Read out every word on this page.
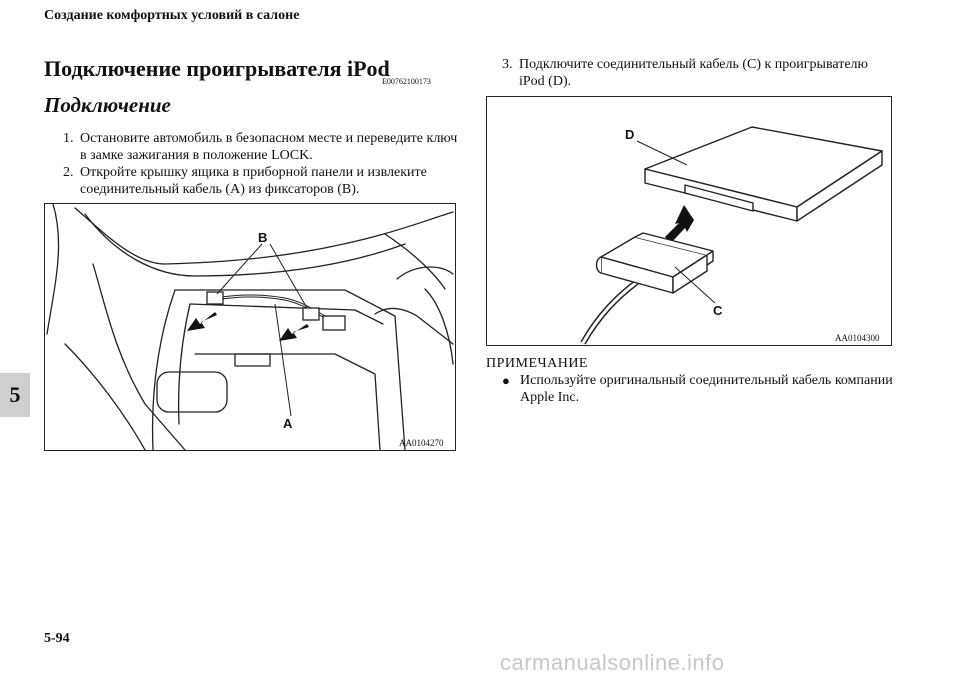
Создание комфортных условий в салоне
Подключение проигрывателя iPod
E00762100173
Подключение
1. Остановите автомобиль в безопасном месте и переведите ключ
в замке зажигания в положение LOCK.
2. Откройте крышку ящика в приборной панели и извлеките
соединительный кабель (A) из фиксаторов (B).
B
A
AA0104270
3. Подключите соединительный кабель (C) к проигрывателю
iPod (D).
D
C
AA0104300
ПРИМЕЧАНИЕ
● Используйте оригинальный соединительный кабель компании
Apple Inc.
5
5-94
carmanualsonline.info
